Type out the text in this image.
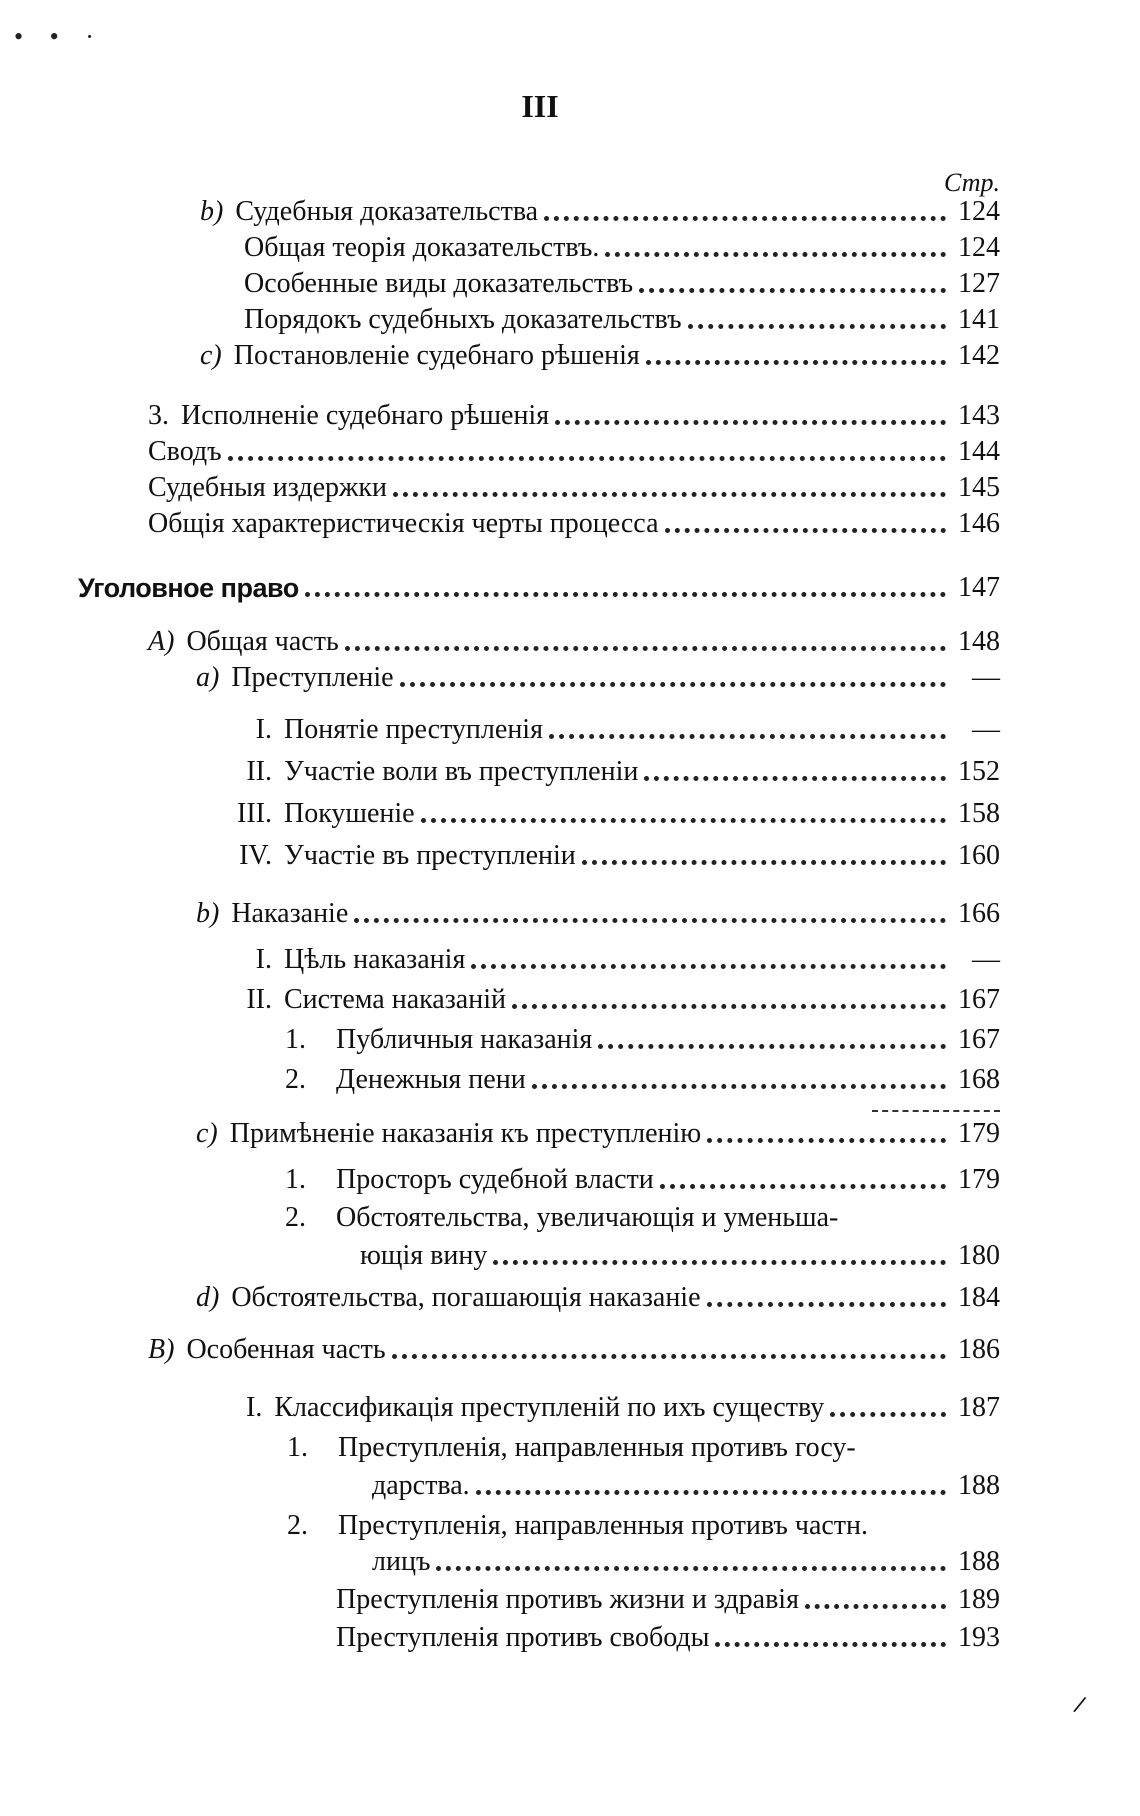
• • ·
III
Стр.
b) Судебныя доказательства	124
Общая теорія доказательствъ.	124
Особенные виды доказательствъ	127
Порядокъ судебныхъ доказательствъ	141
c) Постановленіе судебнаго рѣшенія	142
3. Исполненіе судебнаго рѣшенія	143
Сводъ	144
Судебныя издержки	145
Общія характеристическія черты процесса	146
Уголовное право	147
A) Общая часть	148
a) Преступленіе	—
I. Понятіе преступленія	—
II. Участіе воли въ преступленіи	152
III. Покушеніе	158
IV. Участіе въ преступленіи	160
b) Наказаніе	166
I. Цѣль наказанія	—
II. Система наказаній	167
1. Публичныя наказанія	167
2. Денежныя пени	168
c) Примѣненіе наказанія къ преступленію	179
1. Просторъ судебной власти	179
2. Обстоятельства, увеличающія и уменьша-
ющія вину	180
d) Обстоятельства, погашающія наказаніе	184
B) Особенная часть	186
I. Классификація преступленій по ихъ существу	187
1. Преступленія, направленныя противъ госу-
дарства.	188
2. Преступленія, направленныя противъ частн.
лицъ	188
Преступленія противъ жизни и здравія	189
Преступленія противъ свободы	193
/
